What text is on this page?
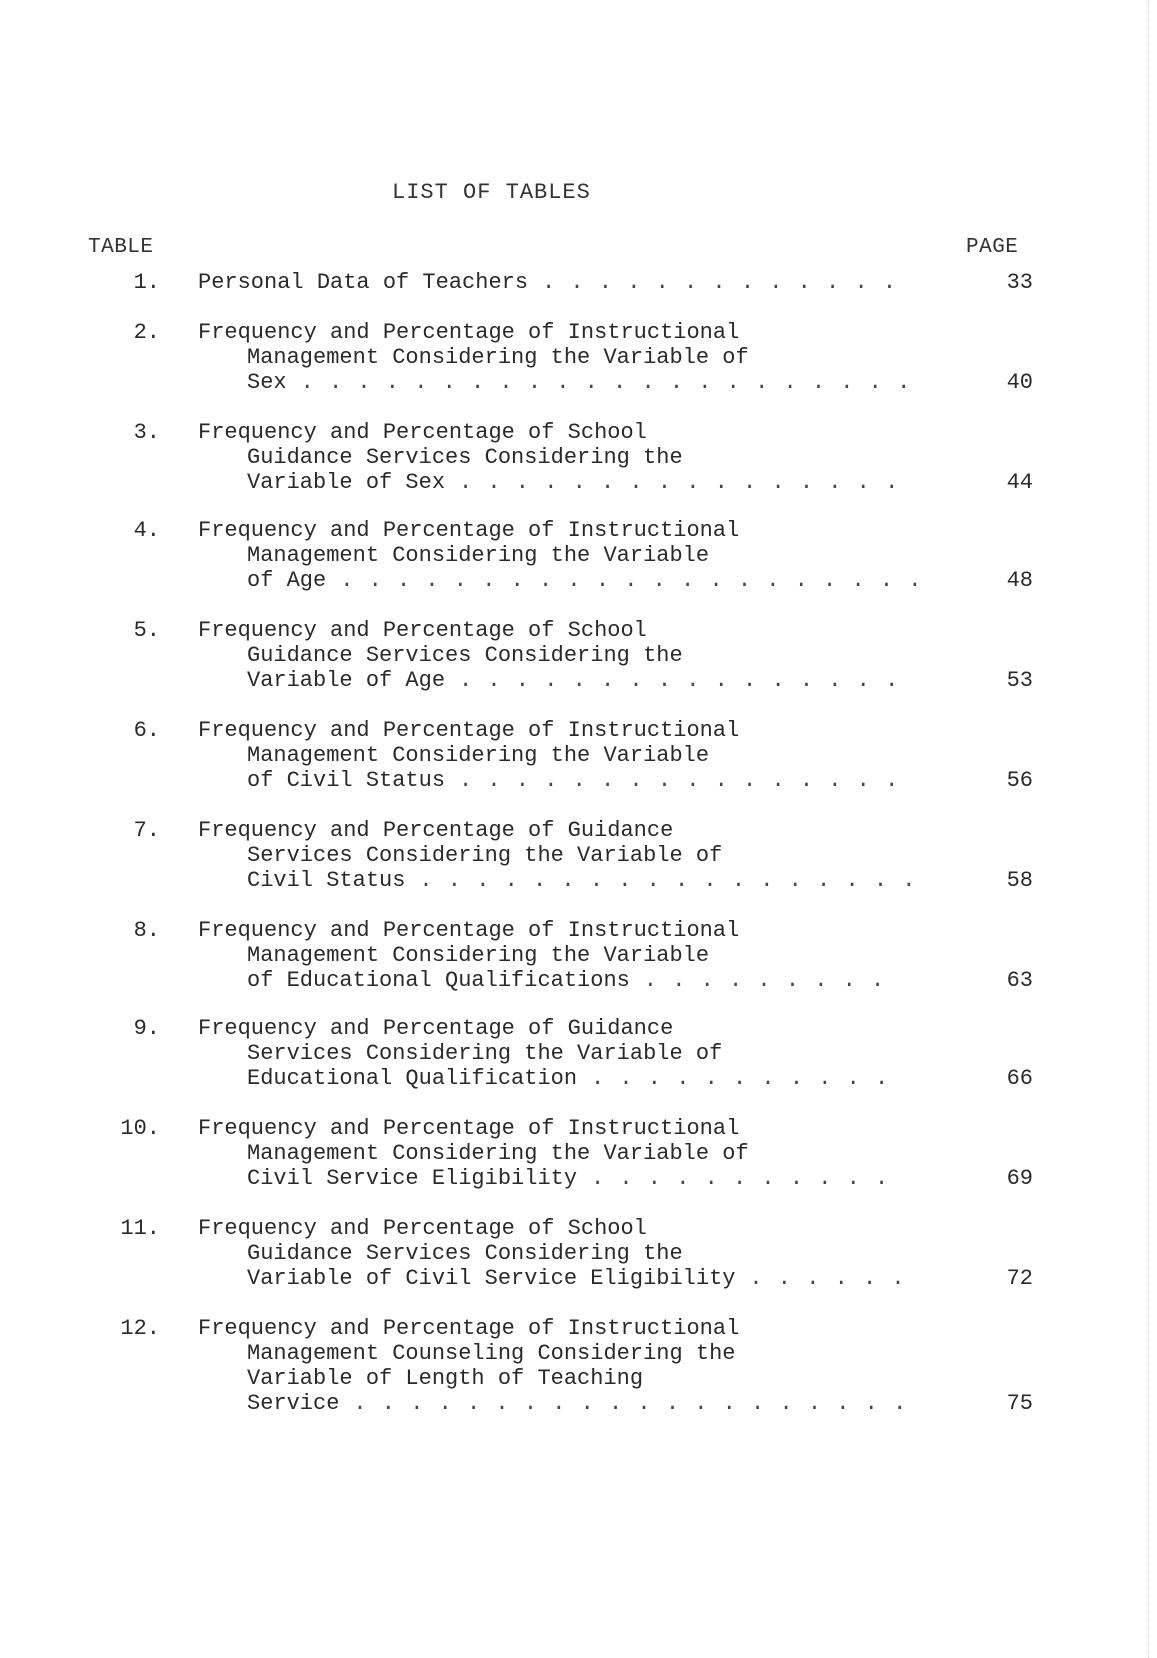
LIST OF TABLES
TABLE	PAGE
1. Personal Data of Teachers . . . . . . . . . . . . .	33
2. Frequency and Percentage of Instructional
Management Considering the Variable of
Sex . . . . . . . . . . . . . . . . . . . . . .	40
3. Frequency and Percentage of School
Guidance Services Considering the
Variable of Sex . . . . . . . . . . . . . . . .	44
4. Frequency and Percentage of Instructional
Management Considering the Variable
of Age . . . . . . . . . . . . . . . . . . . . .	48
5. Frequency and Percentage of School
Guidance Services Considering the
Variable of Age . . . . . . . . . . . . . . . .	53
6. Frequency and Percentage of Instructional
Management Considering the Variable
of Civil Status . . . . . . . . . . . . . . . .	56
7. Frequency and Percentage of Guidance
Services Considering the Variable of
Civil Status . . . . . . . . . . . . . . . . . .	58
8. Frequency and Percentage of Instructional
Management Considering the Variable
of Educational Qualifications . . . . . . . . .	63
9. Frequency and Percentage of Guidance
Services Considering the Variable of
Educational Qualification . . . . . . . . . . .	66
10. Frequency and Percentage of Instructional
Management Considering the Variable of
Civil Service Eligibility . . . . . . . . . . .	69
11. Frequency and Percentage of School
Guidance Services Considering the
Variable of Civil Service Eligibility . . . . . .	72
12. Frequency and Percentage of Instructional
Management Counseling Considering the
Variable of Length of Teaching
Service . . . . . . . . . . . . . . . . . . . .	75
